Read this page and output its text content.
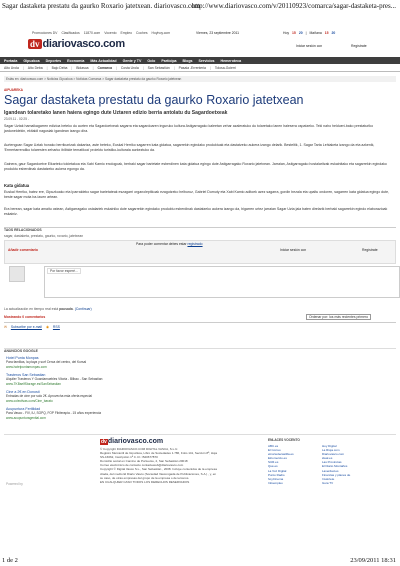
Sagar dastaketa prestatu da gaurko Roxario jatetxean. diariovasco.com
http://www.diariovasco.com/v/20110923/comarca/sagar-dastaketa-pres...
Promociones DV Clasificados 11870.com Vocento Empleo Coches Hoyhoy.com
dv diariovasco.com
Viernes, 23 septiembre 2011	Hoy 15 20 | Mañana 15 20
Iniciar sesión con	Regístrate
Portada Gipuzkoa Deportes Economía Más Actualidad Gente y TV Ocio Participa Blogs Servicios Hemeroteca
Alto Urola | Alto Deba | Bajo Deba | Bidasoa | Comarca | Costa Urola | San Sebastián | Pasaia -Errenteria | Tolosa-Goierri
Estás en: diariovasco.com > Noticias Gipuzkoa > Noticias Comarca > Sagar dastaketa prestatu da gaurko Roxario jatetxean
AIPUAREKA
Sagar dastaketa prestatu da gaurko Roxario jatetxean
Igandean tolaretako lanen haiera egingo dute Uztaren edizio berria antolatu du Sagardoetxeak
23.09.11 - 02:25 -
Sagar Uztak hamaikagarren edizioa beteko du aurten eta Sagardoetxeak sagarra eta sagardoaren inguruko kultura Astigarragako kaleetan zehar azaleratuko du tolaretako lanen haiesera ospatzeko. Teki naho heldueri-bako prestaturiko jarduneldekin, ekitaldi nagusiak igandean izango dira.
Aurtengoan Sagar Uztak honako berrikuntzak dakartza, aste beteko, Euskal Herriko sagarren kata gidatua, sagarrekin egindako produktuak eta dastatzeko aukera izango delarik. Besteltik, 1. Sagar Tarta Lehiaketa izango da eta azkenik, 'Ermertarrendiko tolaresten zeharko ibilbide tematikoa' proiektu turistiko-kulturala aurkeztuko da.
Gainera, gaur Sagardoetxe Elkarteko tokietakoa eta Xabi Kamio enologoak, berbaki sagar barietate esberdinen kata gidatua egingo dute Astigarragako Roxario jatetxean. Jarraian, Astigarragako hostalaritzak eskainitako eta sagarrekin egindako produktu esberdinak dastatzeko aukera egongo da.
Kata gidatua
Euskal Herriko, batez ere, Gipuzkoako eta Iparraldeko sagar barietateak eszagarri organoleptikoak ezagutzeko helburuz, Gabriel Dumuty eta Xabi Kamio aditoek azez sagarra, gordin bezala eta upaltu ondoren, sagarren kata gidatua egingo dute, beste sagar mota ba-tzuen artean.
Era berean, sagar kata amaitu ostean, Astigarragako ostalariek eskainiko dute sagarrekin egindako produktu esberdinak dastatzeko aukera izango da, bigarren urtez jarraian Sagar Uzta jaia baten direlarik berbaki sagarrekin egindo elaborazioak eskainiz.
TAGS RELACIONADOS
sagar, dastaketa, prestatu, gaurko, roxario, jatetxean
Para poder comentar debes estar registrado
Añadir comentario	Iniciar sesión con	Regístrate
Por favor esperé...
La actualización en tiempo real está pausada. (Continuar)
Mostrando 0 comentarios	Ordenar por: los más recientes primero
✉ Subscribe por e-mail ◉ RSS
ANUNCIOS GOOGLE
Hotel Punta Monpas
Para familias, la playa y surf Cerca del centro, del Kursal
www.hotelpuntamonpas.com
Trasteros San Sebastian
Alquiler Trasteros Y Guardamuebles Vitoria - Bilbao - San Sebastian
www.TKBselfStorage.es/SanSebastian
Cine a 2€ en Donosti
Entradas de cine por solo 2€. Aprovecha esta oferta especial
www.colectivas.com/Cine_barato
Acupuntura Fertilidad
Para Vasco - FIV, IU, SOPQ, FOP Fibiterapia - 15 años experiencia
www.acupunturagenital.com
dvdiariovasco.com
Powered by
© Copyright DIARIOVASCO.COM DIGITAL VASCA, S.L.U.
Registro Mercantil de Gipuzkoa, Libro de Sociedades 1.786, Folio 141, Sección 8ª, Hoja
SS-16662, Inscripción 1ª C.I.F.: B20677870
Domicilio social en Camino de Portuetxe, 2, San Sebastián 20018
Correo electrónico de contacto contacteweb@diariovasco.com
Copyright © Digital Vasco S.L., San Sebastián , 2008. Incluye contenidos de la empresa
citada, del medio El Diario Vasco (Sociedad Vascongada de Publicaciones, S.A.) , y, en
su caso, de otras empresas del grupo de la empresa o de terceros.
EN CUALQUIER CASO TODOS LOS DERECHOS RESERVADOS
ENLACES VOCENTO
ABC.es
El Correo
elnortedecastilla.es
Elcomercio.es
SUR.es
Qué.es
La Voz Digital
Punto Radio
hoyCinema
Infoempleo
Hoy Digital
La Rioja.com
Diariovasco.com
ideal.es
Las Provincias
El Diario Montañés
Laverdad.es
Finanzas y planes de
Inviértete
Guía TV
1 de 2	23/09/2011 18:31
